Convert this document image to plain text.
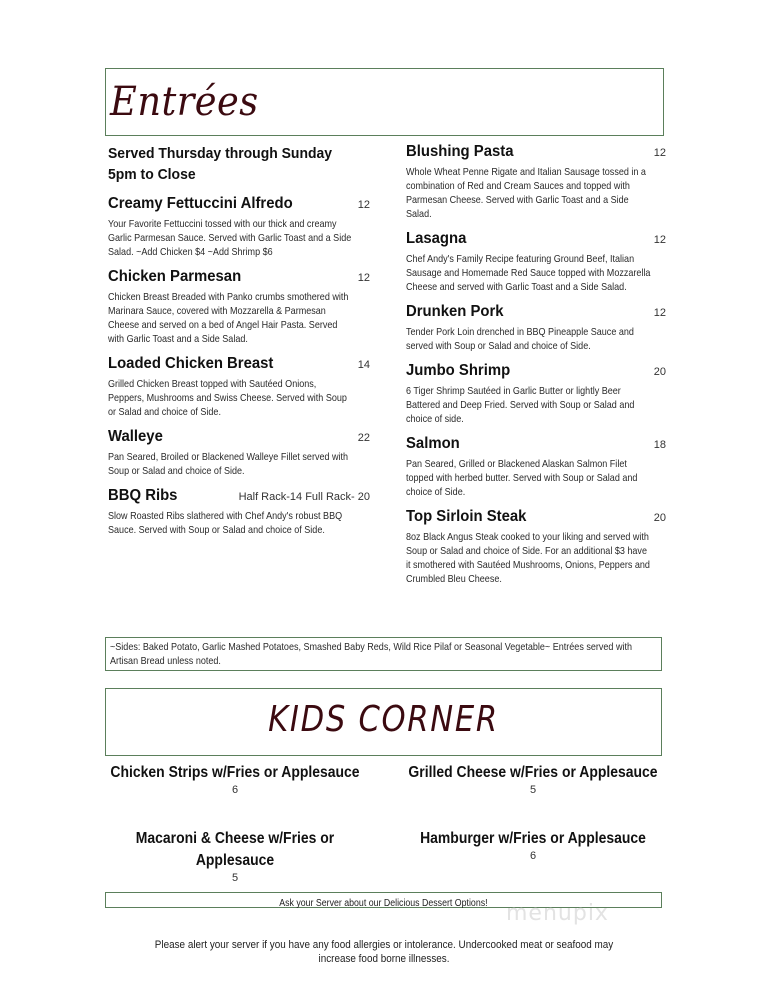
Entrées
Served Thursday through Sunday 5pm to Close
Creamy Fettuccini Alfredo	12
Your Favorite Fettuccini tossed with our thick and creamy Garlic Parmesan Sauce. Served with Garlic Toast and a Side Salad. ~Add Chicken $4 ~Add Shrimp $6
Chicken Parmesan	12
Chicken Breast Breaded with Panko crumbs smothered with Marinara Sauce, covered with Mozzarella & Parmesan Cheese and served on a bed of Angel Hair Pasta. Served with Garlic Toast and a Side Salad.
Loaded Chicken Breast	14
Grilled Chicken Breast topped with Sautéed Onions, Peppers, Mushrooms and Swiss Cheese. Served with Soup or Salad and choice of Side.
Walleye	22
Pan Seared, Broiled or Blackened Walleye Fillet served with Soup or Salad and choice of Side.
BBQ Ribs	Half Rack-14 Full Rack- 20
Slow Roasted Ribs slathered with Chef Andy's robust BBQ Sauce. Served with Soup or Salad and choice of Side.
Blushing Pasta	12
Whole Wheat Penne Rigate and Italian Sausage tossed in a combination of Red and Cream Sauces and topped with Parmesan Cheese. Served with Garlic Toast and a Side Salad.
Lasagna	12
Chef Andy's Family Recipe featuring Ground Beef, Italian Sausage and Homemade Red Sauce topped with Mozzarella Cheese and served with Garlic Toast and a Side Salad.
Drunken Pork	12
Tender Pork Loin drenched in BBQ Pineapple Sauce and served with Soup or Salad and choice of Side.
Jumbo Shrimp	20
6 Tiger Shrimp Sautéed in Garlic Butter or lightly Beer Battered and Deep Fried. Served with Soup or Salad and choice of side.
Salmon	18
Pan Seared, Grilled or Blackened Alaskan Salmon Filet topped with herbed butter. Served with Soup or Salad and choice of Side.
Top Sirloin Steak	20
8oz Black Angus Steak cooked to your liking and served with Soup or Salad and choice of Side. For an additional $3 have it smothered with Sautéed Mushrooms, Onions, Peppers and Crumbled Bleu Cheese.
~Sides: Baked Potato, Garlic Mashed Potatoes, Smashed Baby Reds, Wild Rice Pilaf or Seasonal Vegetable~ Entrées served with Artisan Bread unless noted.
KIDS CORNER
Chicken Strips w/Fries or Applesauce
6
Grilled Cheese w/Fries or Applesauce
5
Macaroni & Cheese w/Fries or Applesauce
5
Hamburger w/Fries or Applesauce
6
Ask your Server about our Delicious Dessert Options! menupix
Please alert your server if you have any food allergies or intolerance. Undercooked meat or seafood may increase food borne illnesses.
